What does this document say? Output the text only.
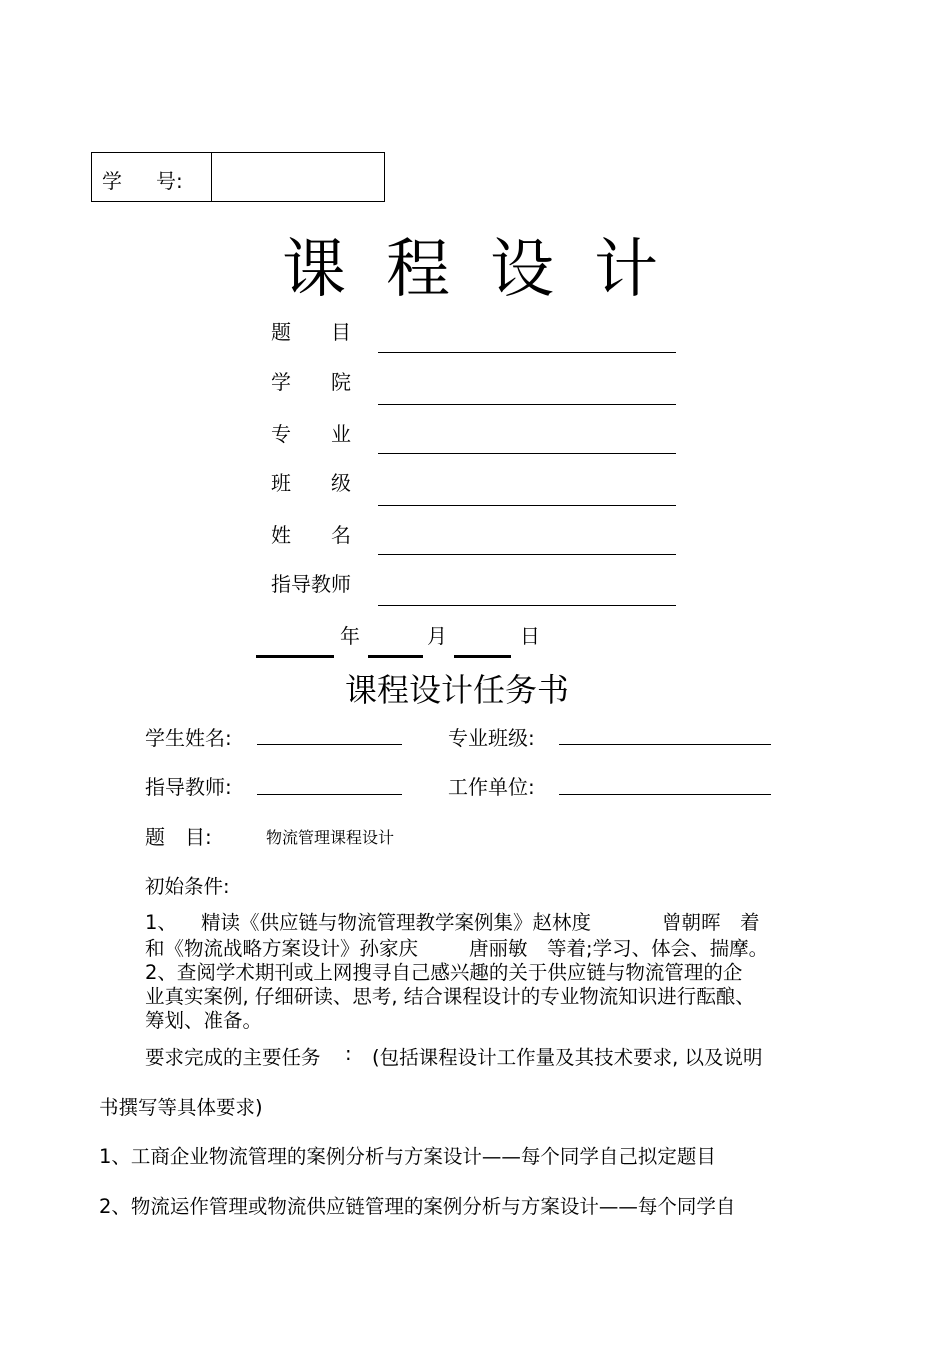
学 号:
课程设计
题　　目
学　　院
专　　业
班　　级
姓　　名
指导教师
年	月	日
课程设计任务书
学生姓名:	专业班级:
指导教师:	工作单位:
题　目:	物流管理课程设计
初始条件:
1、 精读《供应链与物流管理教学案例集》赵林度	曾朝晖 着
和《物流战略方案设计》孙家庆	唐丽敏 等着;学习、体会、揣摩。
2、查阅学术期刊或上网搜寻自己感兴趣的关于供应链与物流管理的企
业真实案例, 仔细研读、思考, 结合课程设计的专业物流知识进行酝酿、
筹划、准备。
要求完成的主要任务 : (包括课程设计工作量及其技术要求, 以及说明
书撰写等具体要求)
1、工商企业物流管理的案例分析与方案设计——每个同学自己拟定题目
2、物流运作管理或物流供应链管理的案例分析与方案设计——每个同学自
